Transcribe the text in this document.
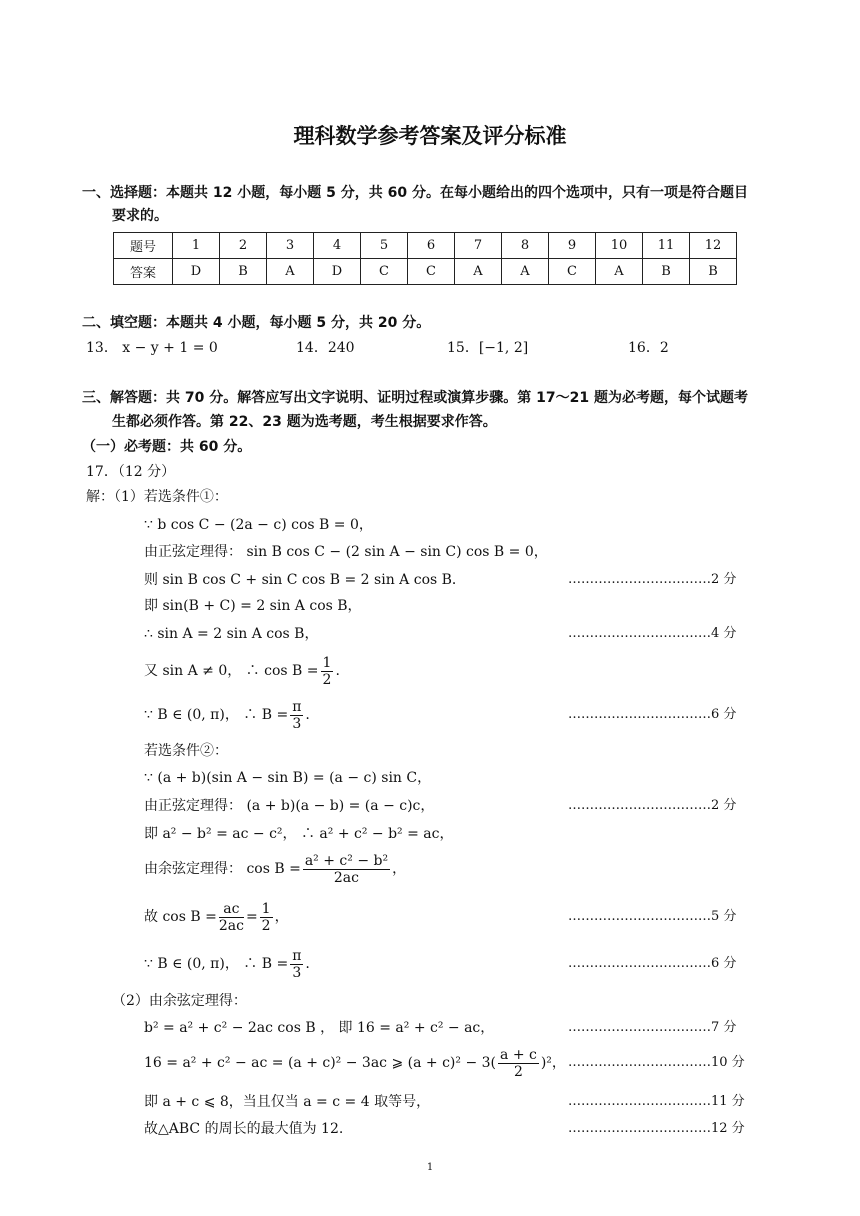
理科数学参考答案及评分标准
一、选择题：本题共 12 小题，每小题 5 分，共 60 分。在每小题给出的四个选项中，只有一项是符合题目
要求的。
题号	1	2	3	4	5	6	7	8	9	10	11	12
答案	D	B	A	D	C	C	A	A	C	A	B	B
二、填空题：本题共 4 小题，每小题 5 分，共 20 分。
13． x − y + 1 = 0	14．240	15．[−1, 2]	16．2
三、解答题：共 70 分。解答应写出文字说明、证明过程或演算步骤。第 17～21 题为必考题，每个试题考
生都必须作答。第 22、23 题为选考题，考生根据要求作答。
（一）必考题：共 60 分。
17．（12 分）
解：（1）若选条件①：
∵ b cos C − (2a − c) cos B = 0，
由正弦定理得： sin B cos C − (2 sin A − sin C) cos B = 0，
则 sin B cos C + sin C cos B = 2 sin A cos B．	……………………………2 分
即 sin(B + C) = 2 sin A cos B，
∴ sin A = 2 sin A cos B，	……………………………4 分
又 sin A ≠ 0， ∴ $\cos B = \frac{1}{2}$ .
∵ B ∈ (0, π)， ∴ $B = \frac{\pi}{3}$ .	……………………………6 分
若选条件②：
∵ (a + b)(sin A − sin B) = (a − c) sin C，
由正弦定理得： (a + b)(a − b) = (a − c)c，	……………………………2 分
即 a² − b² = ac − c²， ∴ a² + c² − b² = ac，
由余弦定理得： $\cos B = \frac{\text{a² + c² − b²}}{2ac}$ ，
故 $\cos B = \frac{ac}{2ac} = \frac{1}{2}$ ，	……………………………5 分
∵ B ∈ (0, π)， ∴ $B = \frac{\pi}{3}$ .	……………………………6 分
（2）由余弦定理得：
b² = a² + c² − 2ac cos B ， 即 16 = a² + c² − ac，	……………………………7 分
16 = a² + c² − ac = (a + c)² − 3ac ⩾ $(a + c)^2 - 3( \frac{a + c}{2} )^2$， ……………………………10 分
即 a + c ⩽ 8，当且仅当 a = c = 4 取等号，	……………………………11 分
故△ABC 的周长的最大值为 12.	……………………………12 分
1
